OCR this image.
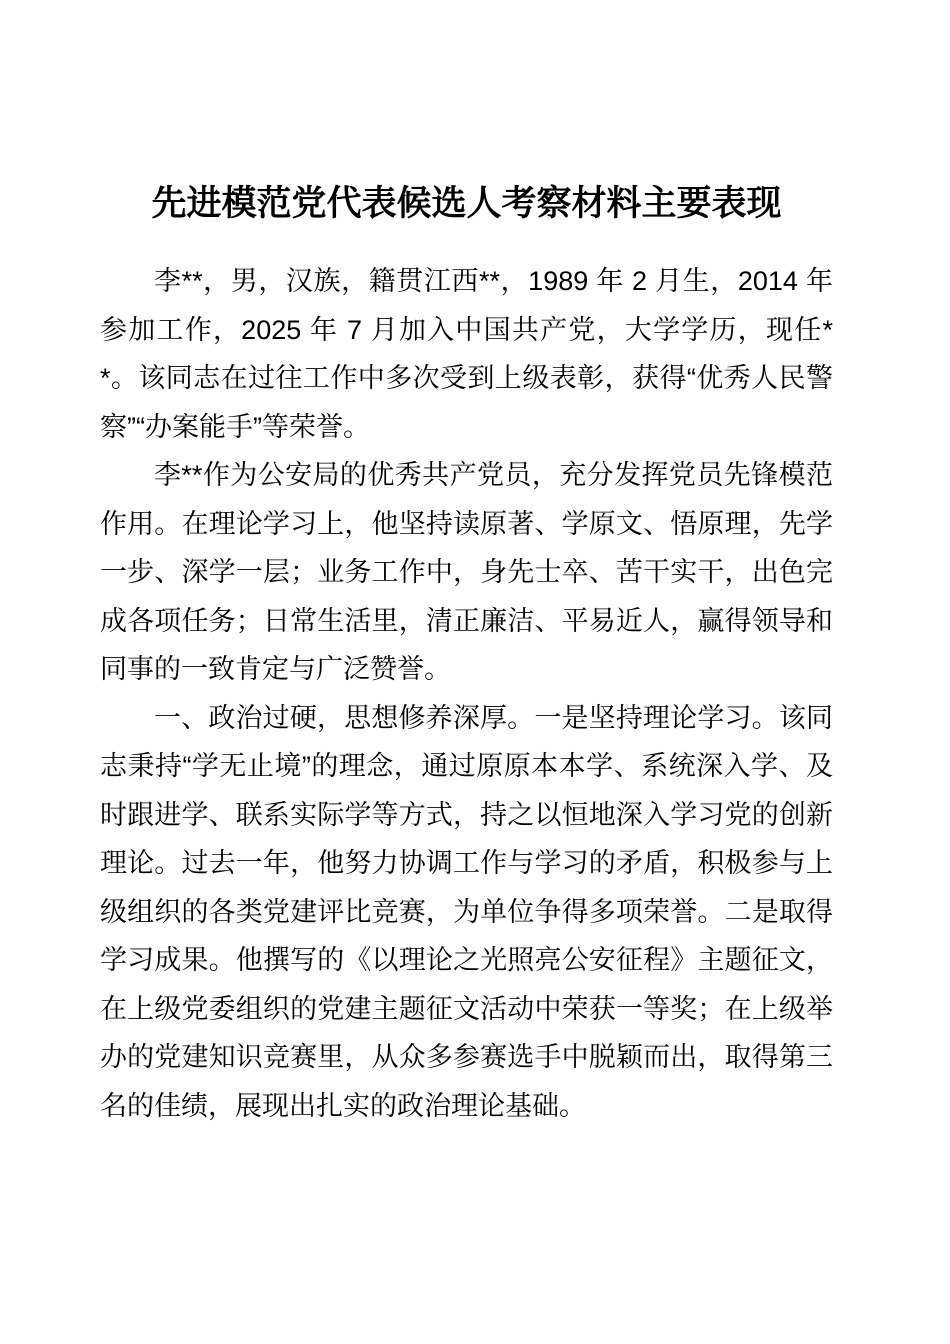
先进模范党代表候选人考察材料主要表现

李**，男，汉族，籍贯江西**，1989 年 2 月生，2014 年参加工作，2025 年 7 月加入中国共产党，大学学历，现任**。该同志在过往工作中多次受到上级表彰，获得“优秀人民警察”“办案能手”等荣誉。

李**作为公安局的优秀共产党员，充分发挥党员先锋模范作用。在理论学习上，他坚持读原著、学原文、悟原理，先学一步、深学一层；业务工作中，身先士卒、苦干实干，出色完成各项任务；日常生活里，清正廉洁、平易近人，赢得领导和同事的一致肯定与广泛赞誉。

一、政治过硬，思想修养深厚。一是坚持理论学习。该同志秉持“学无止境”的理念，通过原原本本学、系统深入学、及时跟进学、联系实际学等方式，持之以恒地深入学习党的创新理论。过去一年，他努力协调工作与学习的矛盾，积极参与上级组织的各类党建评比竞赛，为单位争得多项荣誉。二是取得学习成果。他撰写的《以理论之光照亮公安征程》主题征文，在上级党委组织的党建主题征文活动中荣获一等奖；在上级举办的党建知识竞赛里，从众多参赛选手中脱颖而出，取得第三名的佳绩，展现出扎实的政治理论基础。
